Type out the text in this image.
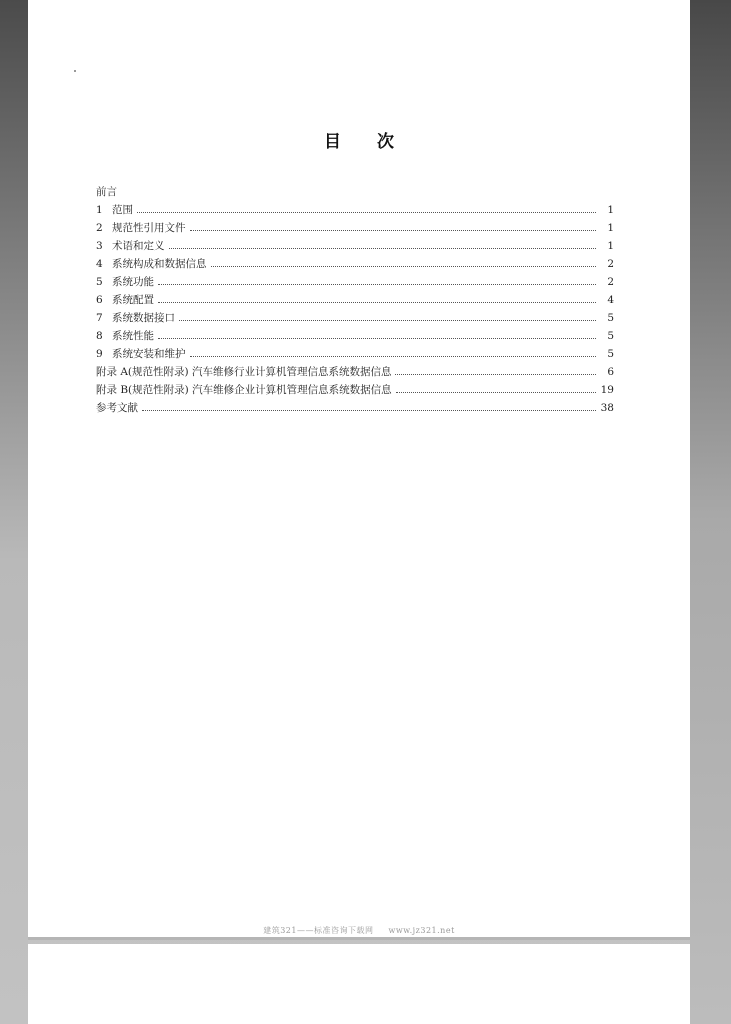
目 次
前言
1 范围	1
2 规范性引用文件	1
3 术语和定义	1
4 系统构成和数据信息	2
5 系统功能	2
6 系统配置	4
7 系统数据接口	5
8 系统性能	5
9 系统安装和维护	5
附录 A(规范性附录) 汽车维修行业计算机管理信息系统数据信息	6
附录 B(规范性附录) 汽车维修企业计算机管理信息系统数据信息	19
参考文献	38
建筑321——标准咨询下载网 www.jz321.net
